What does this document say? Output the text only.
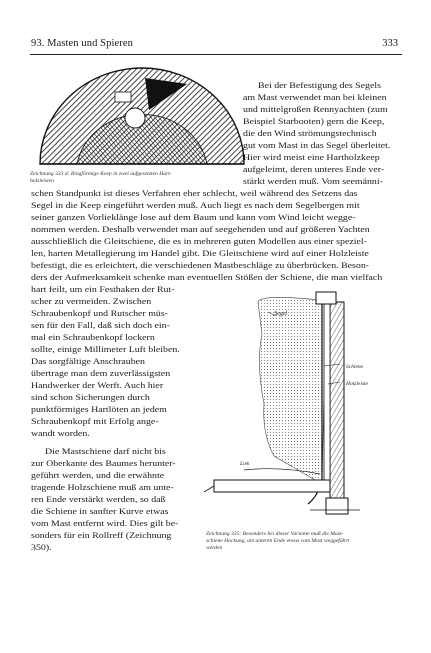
93. Masten und Spieren	333
Zeichnung 333 d: Ringförmige Keep in zwei aufgesetzten Hart-
holzleisten
Bei der Befestigung des Segels
am Mast verwendet man bei kleinen
und mittelgroßen Rennyachten (zum
Beispiel Starbooten) gern die Keep,
die den Wind strömungstechnisch
gut vom Mast in das Segel überleitet.
Hier wird meist eine Hartholzkeep
aufgeleimt, deren unteres Ende ver-
stärkt werden muß. Vom seemänni-
schen Standpunkt ist dieses Verfahren eher schlecht, weil während des Setzens das
Segel in die Keep eingeführt werden muß. Auch liegt es nach dem Segelbergen mit
seiner ganzen Vorlieklänge lose auf dem Baum und kann vom Wind leicht wegge-
nommen werden. Deshalb verwendet man auf seegehenden und auf größeren Yachten
ausschließlich die Gleitschiene, die es in mehreren guten Modellen aus einer speziel-
len, harten Metallegierung im Handel gibt. Die Gleitschiene wird auf einer Holzleiste
befestigt, die es erleichtert, die verschiedenen Mastbeschläge zu überbrücken. Beson-
ders der Aufmerksamkeit schenke man eventuellen Stößen der Schiene, die man vielfach
hart feilt, um ein Festhaken der Rut-
scher zu vermeiden. Zwischen
Schraubenkopf und Rutscher müs-
sen für den Fall, daß sich doch ein-
mal ein Schraubenkopf lockern
sollte, einige Millimeter Luft bleiben.
Das sorgfältige Anschrauben
übertrage man dem zuverlässigsten
Handwerker der Werft. Auch hier
sind schon Sicherungen durch
punktförmiges Hartlöten an jedem
Schraubenkopf mit Erfolg ange-
wandt worden.
Die Mastschiene darf nicht bis
zur Oberkante des Baumes herunter-
geführt werden, und die erwähnte
tragende Holzschiene muß am unte-
ren Ende verstärkt werden, so daß
die Schiene in sanfter Kurve etwas
vom Mast entfernt wird. Dies gilt be-
sonders für ein Rollreff (Zeichnung
350).
Segel
Schiene
Holzleiste
Liek
Zeichnung 335: Besonders bei dieser Variante muß die Mast-
schiene Hockung, am unteren Ende etwas vom Mast weggeführt
werden
